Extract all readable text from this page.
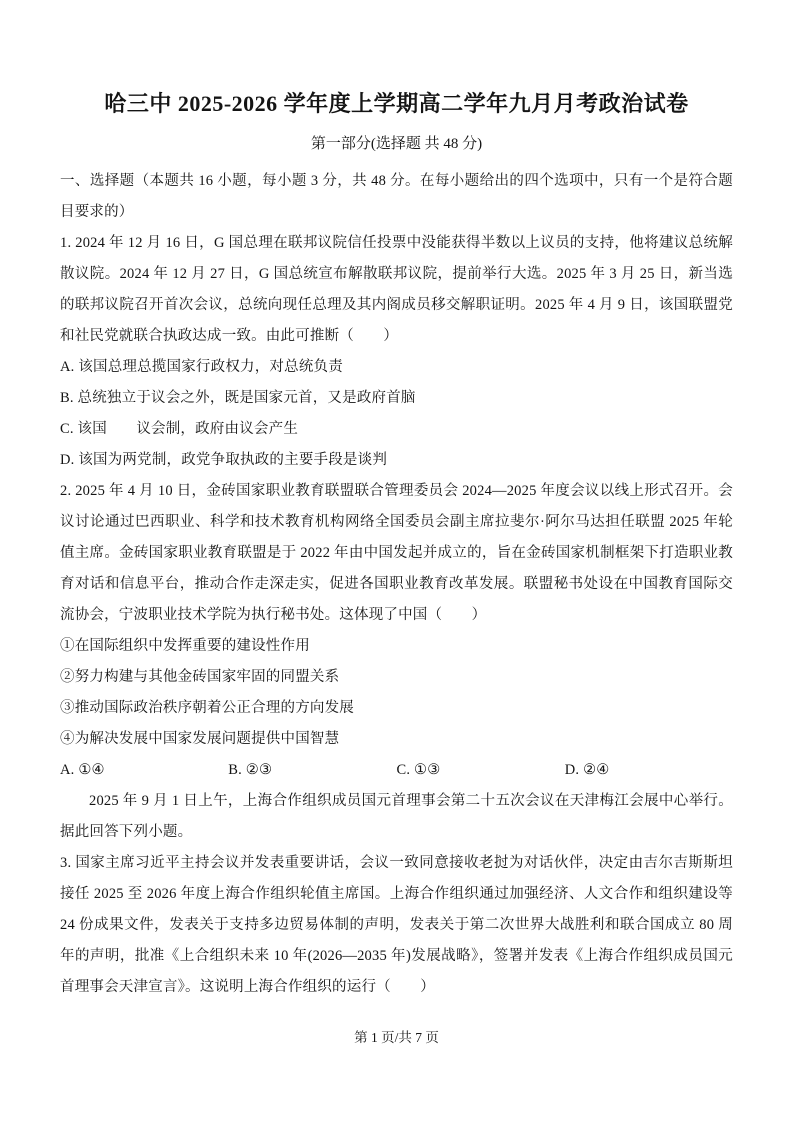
哈三中 2025-2026 学年度上学期高二学年九月月考政治试卷
第一部分(选择题 共 48 分)

一、选择题（本题共 16 小题，每小题 3 分，共 48 分。在每小题给出的四个选项中，只有一个是符合题目要求的）

1. 2024 年 12 月 16 日，G 国总理在联邦议院信任投票中没能获得半数以上议员的支持，他将建议总统解散议院。2024 年 12 月 27 日，G 国总统宣布解散联邦议院，提前举行大选。2025 年 3 月 25 日，新当选的联邦议院召开首次会议，总统向现任总理及其内阁成员移交解职证明。2025 年 4 月 9 日，该国联盟党和社民党就联合执政达成一致。由此可推断（　　）

A. 该国总理总揽国家行政权力，对总统负责

B. 总统独立于议会之外，既是国家元首，又是政府首脑

C. 该国　　议会制，政府由议会产生

D. 该国为两党制，政党争取执政的主要手段是谈判

2. 2025 年 4 月 10 日，金砖国家职业教育联盟联合管理委员会 2024—2025 年度会议以线上形式召开。会议讨论通过巴西职业、科学和技术教育机构网络全国委员会副主席拉斐尔·阿尔马达担任联盟 2025 年轮值主席。金砖国家职业教育联盟是于 2022 年由中国发起并成立的，旨在金砖国家机制框架下打造职业教育对话和信息平台，推动合作走深走实，促进各国职业教育改革发展。联盟秘书处设在中国教育国际交流协会，宁波职业技术学院为执行秘书处。这体现了中国（　　）

①在国际组织中发挥重要的建设性作用

②努力构建与其他金砖国家牢固的同盟关系

③推动国际政治秩序朝着公正合理的方向发展

④为解决发展中国家发展问题提供中国智慧

A. ①④	B. ②③	C. ①③	D. ②④

2025 年 9 月 1 日上午，上海合作组织成员国元首理事会第二十五次会议在天津梅江会展中心举行。据此回答下列小题。

3. 国家主席习近平主持会议并发表重要讲话，会议一致同意接收老挝为对话伙伴，决定由吉尔吉斯斯坦接任 2025 至 2026 年度上海合作组织轮值主席国。上海合作组织通过加强经济、人文合作和组织建设等 24 份成果文件，发表关于支持多边贸易体制的声明，发表关于第二次世界大战胜利和联合国成立 80 周年的声明，批准《上合组织未来 10 年(2026—2035 年)发展战略》，签署并发表《上海合作组织成员国元首理事会天津宣言》。这说明上海合作组织的运行（　　）

第 1 页/共 7 页
